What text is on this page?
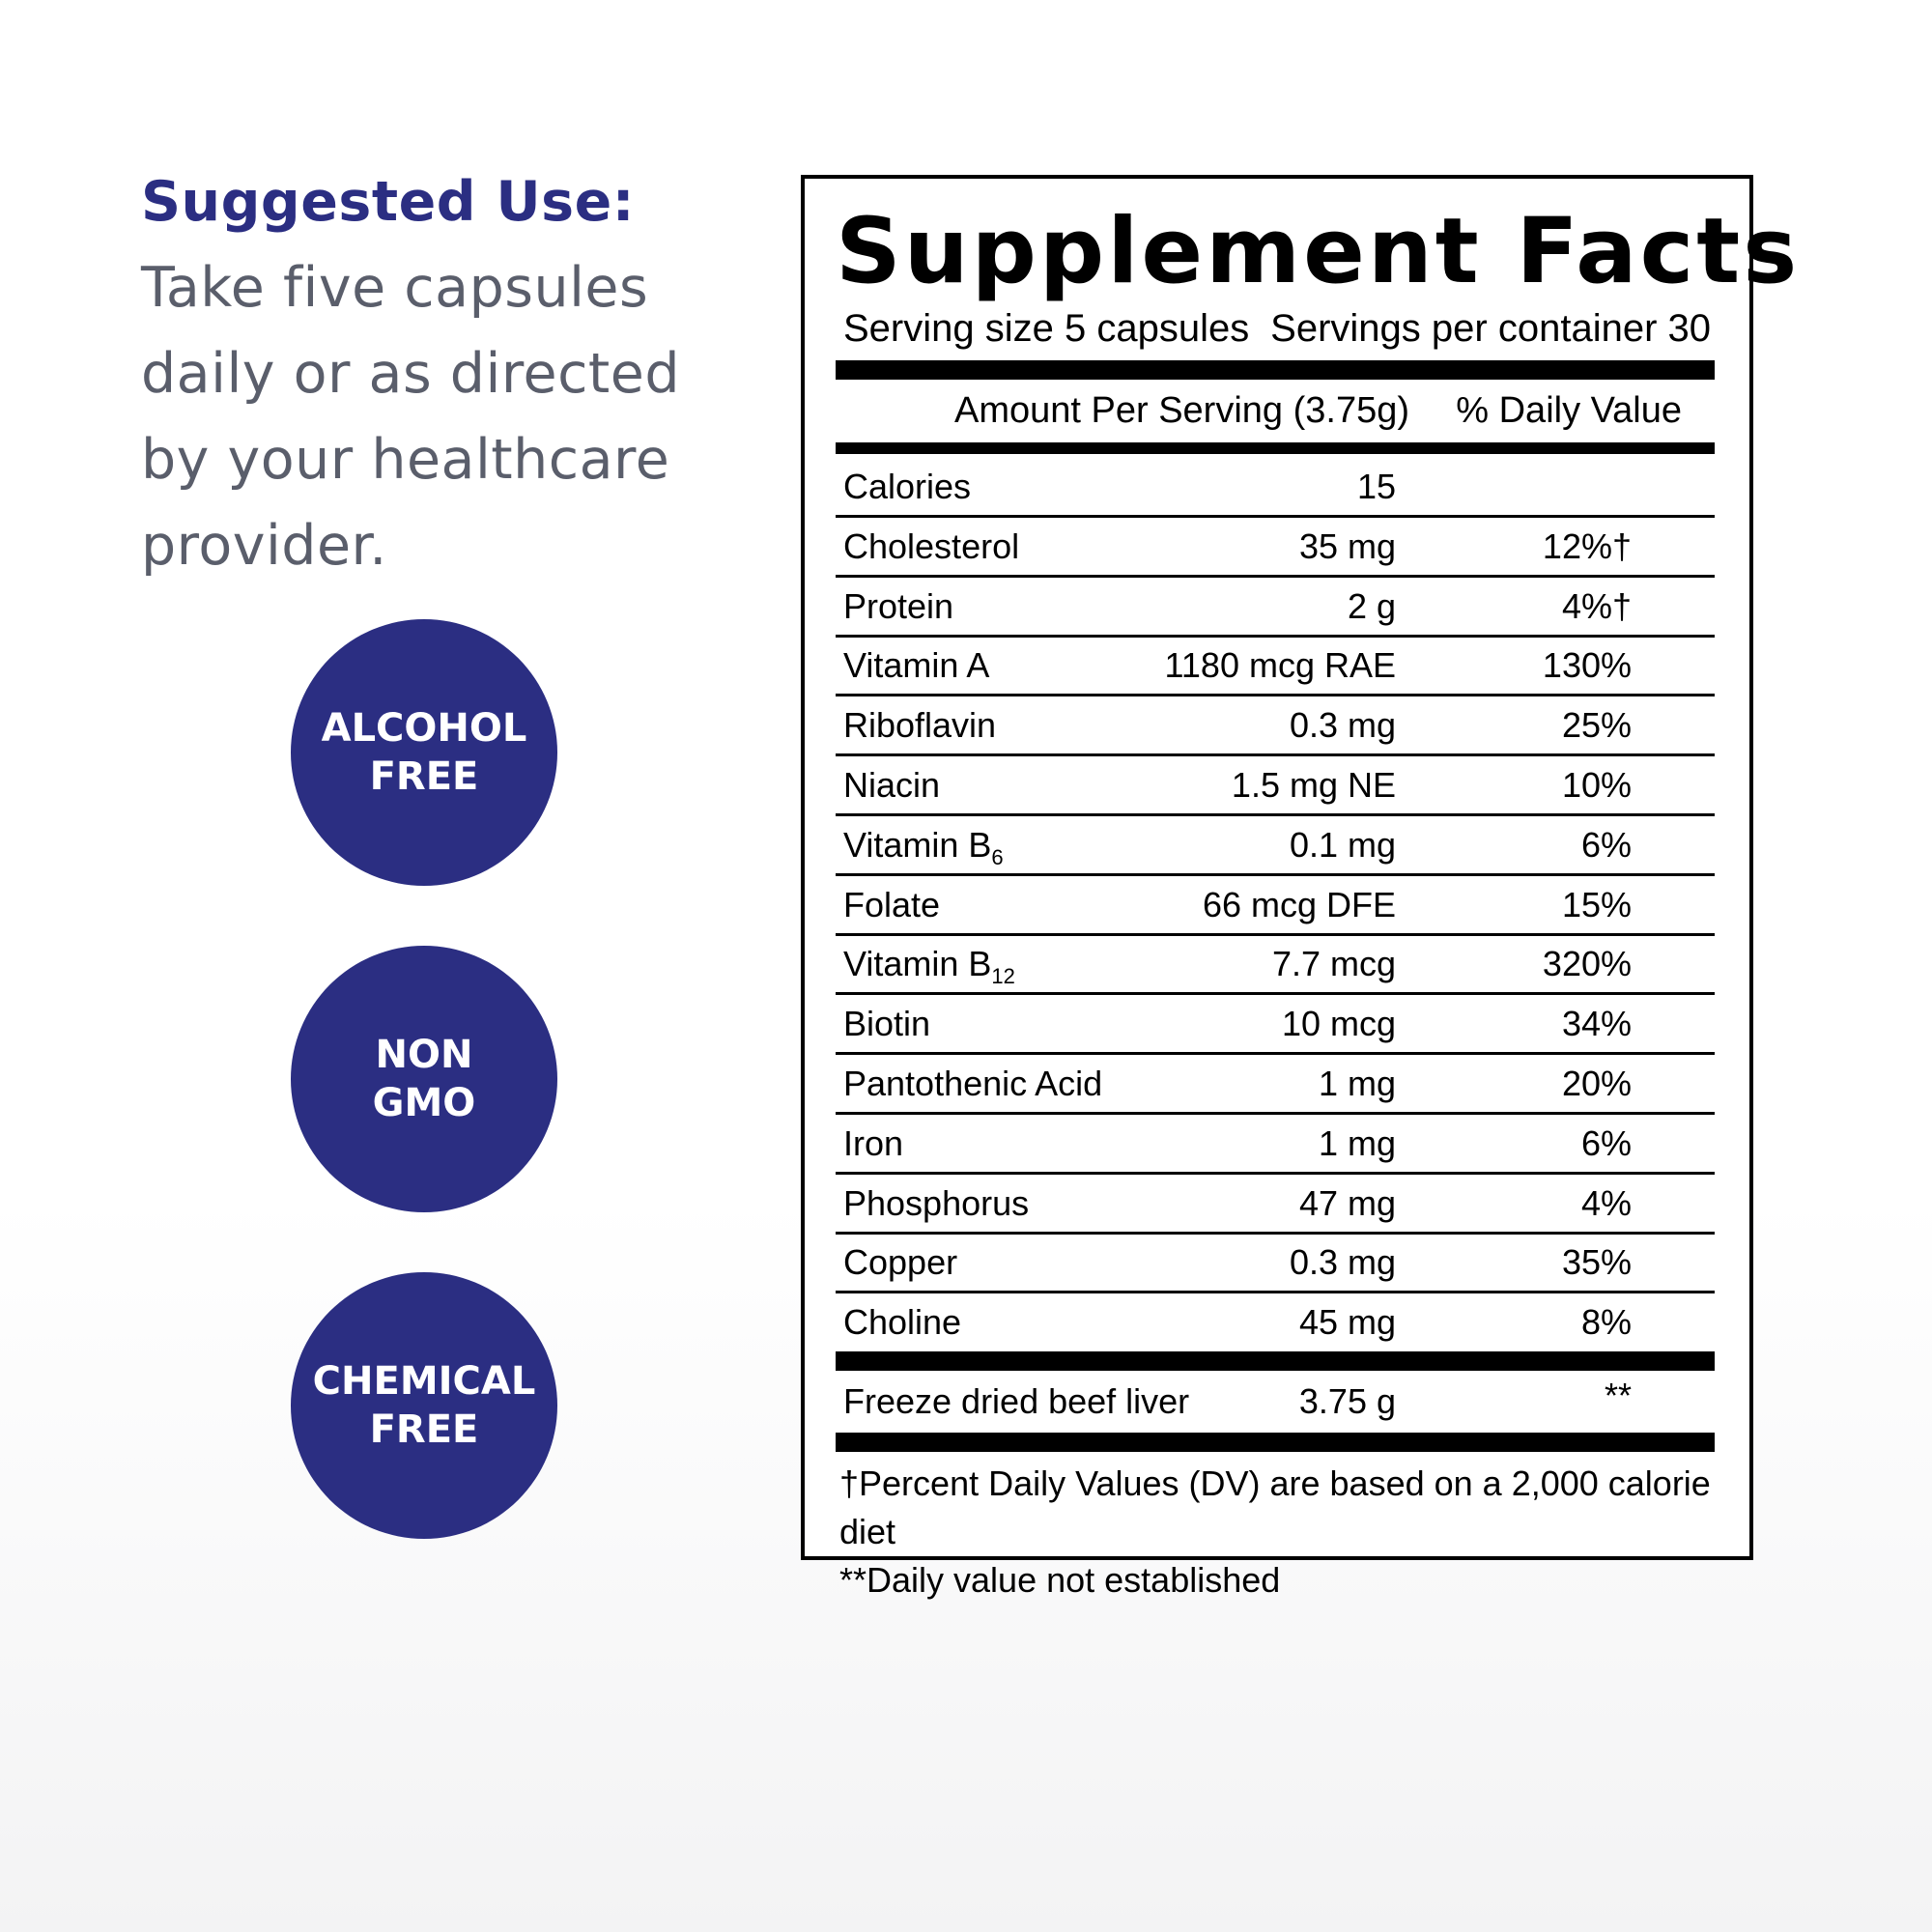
Suggested Use: Take five capsules daily or as directed by your healthcare provider.
ALCOHOL
FREE
NON
GMO
CHEMICAL
FREE
Supplement Facts
Serving size 5 capsules Servings per container 30
Amount Per Serving (3.75g) % Daily Value
Calories	15
Cholesterol	35 mg	12%†
Protein	2 g	4%†
Vitamin A	1180 mcg RAE	130%
Riboflavin	0.3 mg	25%
Niacin	1.5 mg NE	10%
Vitamin $B_6$	0.1 mg	6%
Folate	66 mcg DFE	15%
Vitamin $B_{12}$	7.7 mcg	320%
Biotin	10 mcg	34%
Pantothenic Acid	1 mg	20%
Iron	1 mg	6%
Phosphorus	47 mg	4%
Copper	0.3 mg	35%
Choline	45 mg	8%
Freeze dried beef liver	3.75 g	**
†Percent Daily Values (DV) are based on a 2,000 calorie diet
**Daily value not established
